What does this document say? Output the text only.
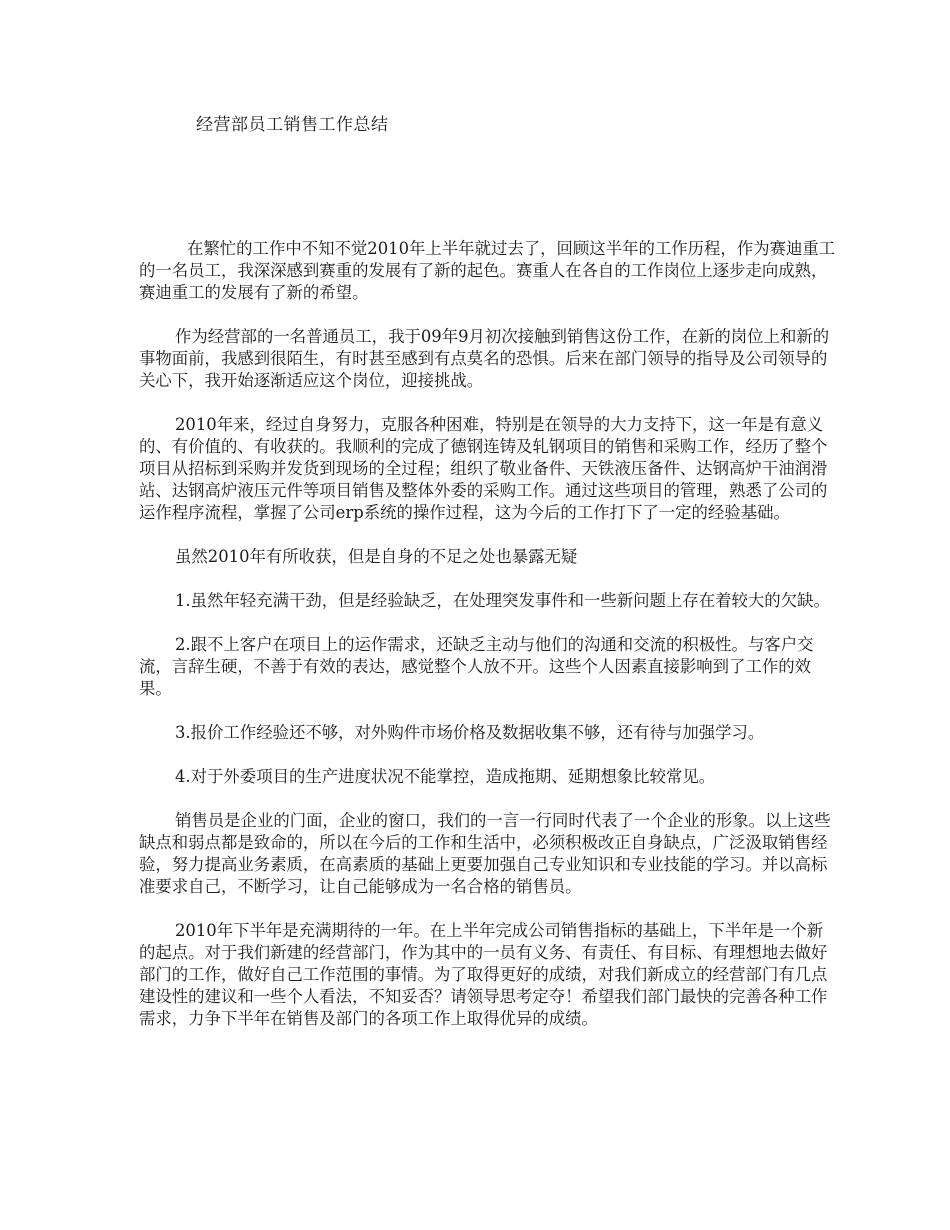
经营部员工销售工作总结

在繁忙的工作中不知不觉2010年上半年就过去了，回顾这半年的工作历程，作为赛迪重工的一名员工，我深深感到赛重的发展有了新的起色。赛重人在各自的工作岗位上逐步走向成熟，赛迪重工的发展有了新的希望。

作为经营部的一名普通员工，我于09年9月初次接触到销售这份工作，在新的岗位上和新的事物面前，我感到很陌生，有时甚至感到有点莫名的恐惧。后来在部门领导的指导及公司领导的关心下，我开始逐渐适应这个岗位，迎接挑战。

2010年来，经过自身努力，克服各种困难，特别是在领导的大力支持下，这一年是有意义的、有价值的、有收获的。我顺利的完成了德钢连铸及轧钢项目的销售和采购工作，经历了整个项目从招标到采购并发货到现场的全过程；组织了敬业备件、天铁液压备件、达钢高炉干油润滑站、达钢高炉液压元件等项目销售及整体外委的采购工作。通过这些项目的管理，熟悉了公司的运作程序流程，掌握了公司erp系统的操作过程，这为今后的工作打下了一定的经验基础。

虽然2010年有所收获，但是自身的不足之处也暴露无疑

1.虽然年轻充满干劲，但是经验缺乏，在处理突发事件和一些新问题上存在着较大的欠缺。

2.跟不上客户在项目上的运作需求，还缺乏主动与他们的沟通和交流的积极性。与客户交流，言辞生硬，不善于有效的表达，感觉整个人放不开。这些个人因素直接影响到了工作的效果。

3.报价工作经验还不够，对外购件市场价格及数据收集不够，还有待与加强学习。

4.对于外委项目的生产进度状况不能掌控，造成拖期、延期想象比较常见。

销售员是企业的门面，企业的窗口，我们的一言一行同时代表了一个企业的形象。以上这些缺点和弱点都是致命的，所以在今后的工作和生活中，必须积极改正自身缺点，广泛汲取销售经验，努力提高业务素质，在高素质的基础上更要加强自己专业知识和专业技能的学习。并以高标准要求自己，不断学习，让自己能够成为一名合格的销售员。

2010年下半年是充满期待的一年。在上半年完成公司销售指标的基础上，下半年是一个新的起点。对于我们新建的经营部门，作为其中的一员有义务、有责任、有目标、有理想地去做好部门的工作，做好自己工作范围的事情。为了取得更好的成绩，对我们新成立的经营部门有几点建设性的建议和一些个人看法，不知妥否？请领导思考定夺！希望我们部门最快的完善各种工作需求，力争下半年在销售及部门的各项工作上取得优异的成绩。
